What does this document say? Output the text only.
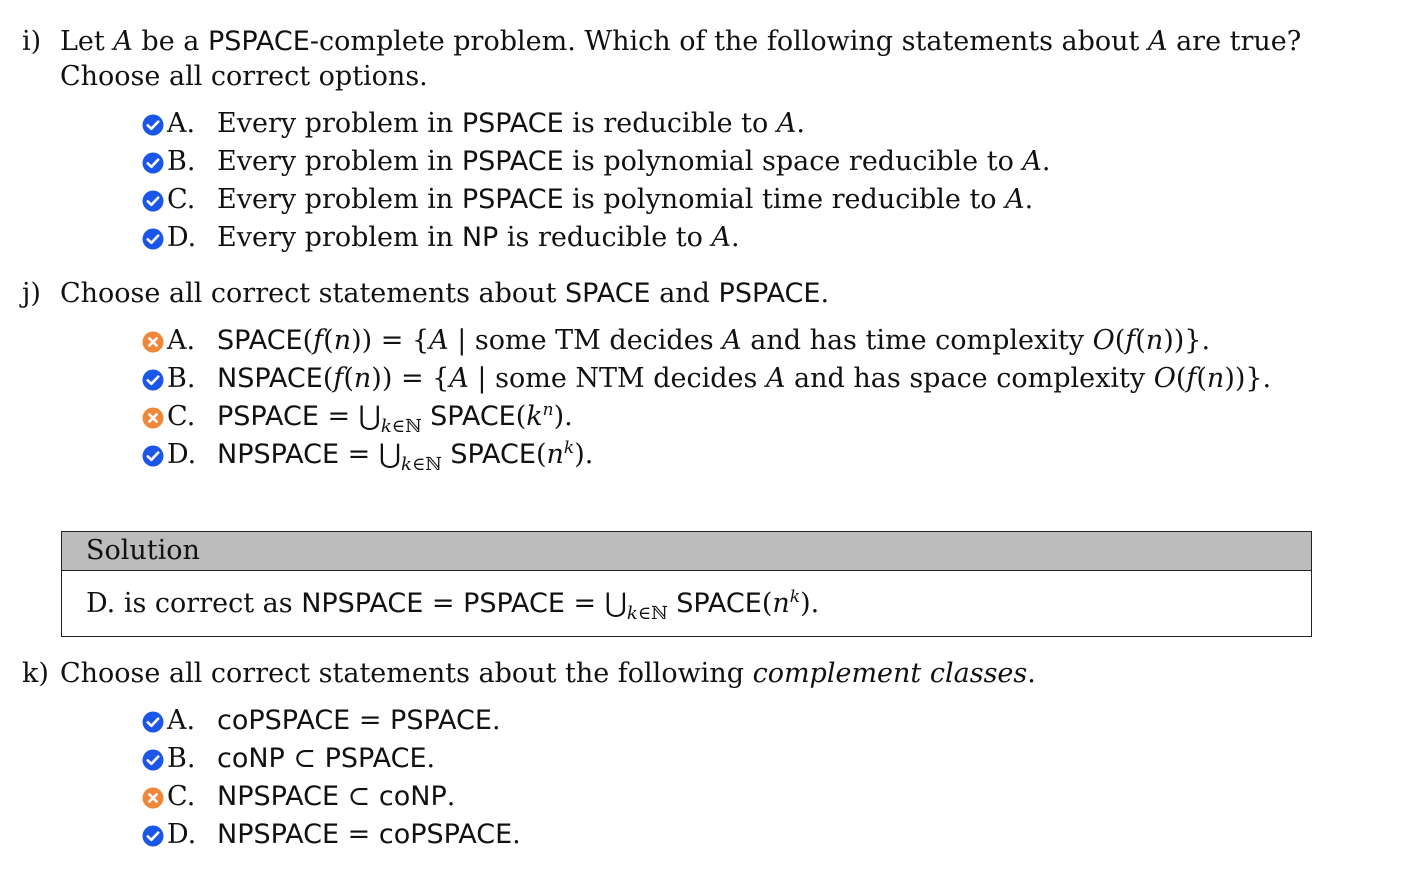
i) Let A be a PSPACE-complete problem. Which of the following statements about A are true? Choose all correct options.
A. Every problem in PSPACE is reducible to A.
B. Every problem in PSPACE is polynomial space reducible to A.
C. Every problem in PSPACE is polynomial time reducible to A.
D. Every problem in NP is reducible to A.
j) Choose all correct statements about SPACE and PSPACE.
A. SPACE(f(n)) = {A | some TM decides A and has time complexity O(f(n))}.
B. NSPACE(f(n)) = {A | some NTM decides A and has space complexity O(f(n))}.
C. PSPACE = $⋃_{k\in ℕ}$ $SPACE(k^n)$.
D. NPSPACE = $⋃_{k\in ℕ}$ $SPACE(n^k)$.
Solution
D. is correct as NPSPACE = PSPACE = $⋃_{k\in ℕ}$ $SPACE(n^k)$.
k) Choose all correct statements about the following complement classes.
A. coPSPACE = PSPACE.
B. coNP ⊂ PSPACE.
C. NPSPACE ⊂ coNP.
D. NPSPACE = coPSPACE.
